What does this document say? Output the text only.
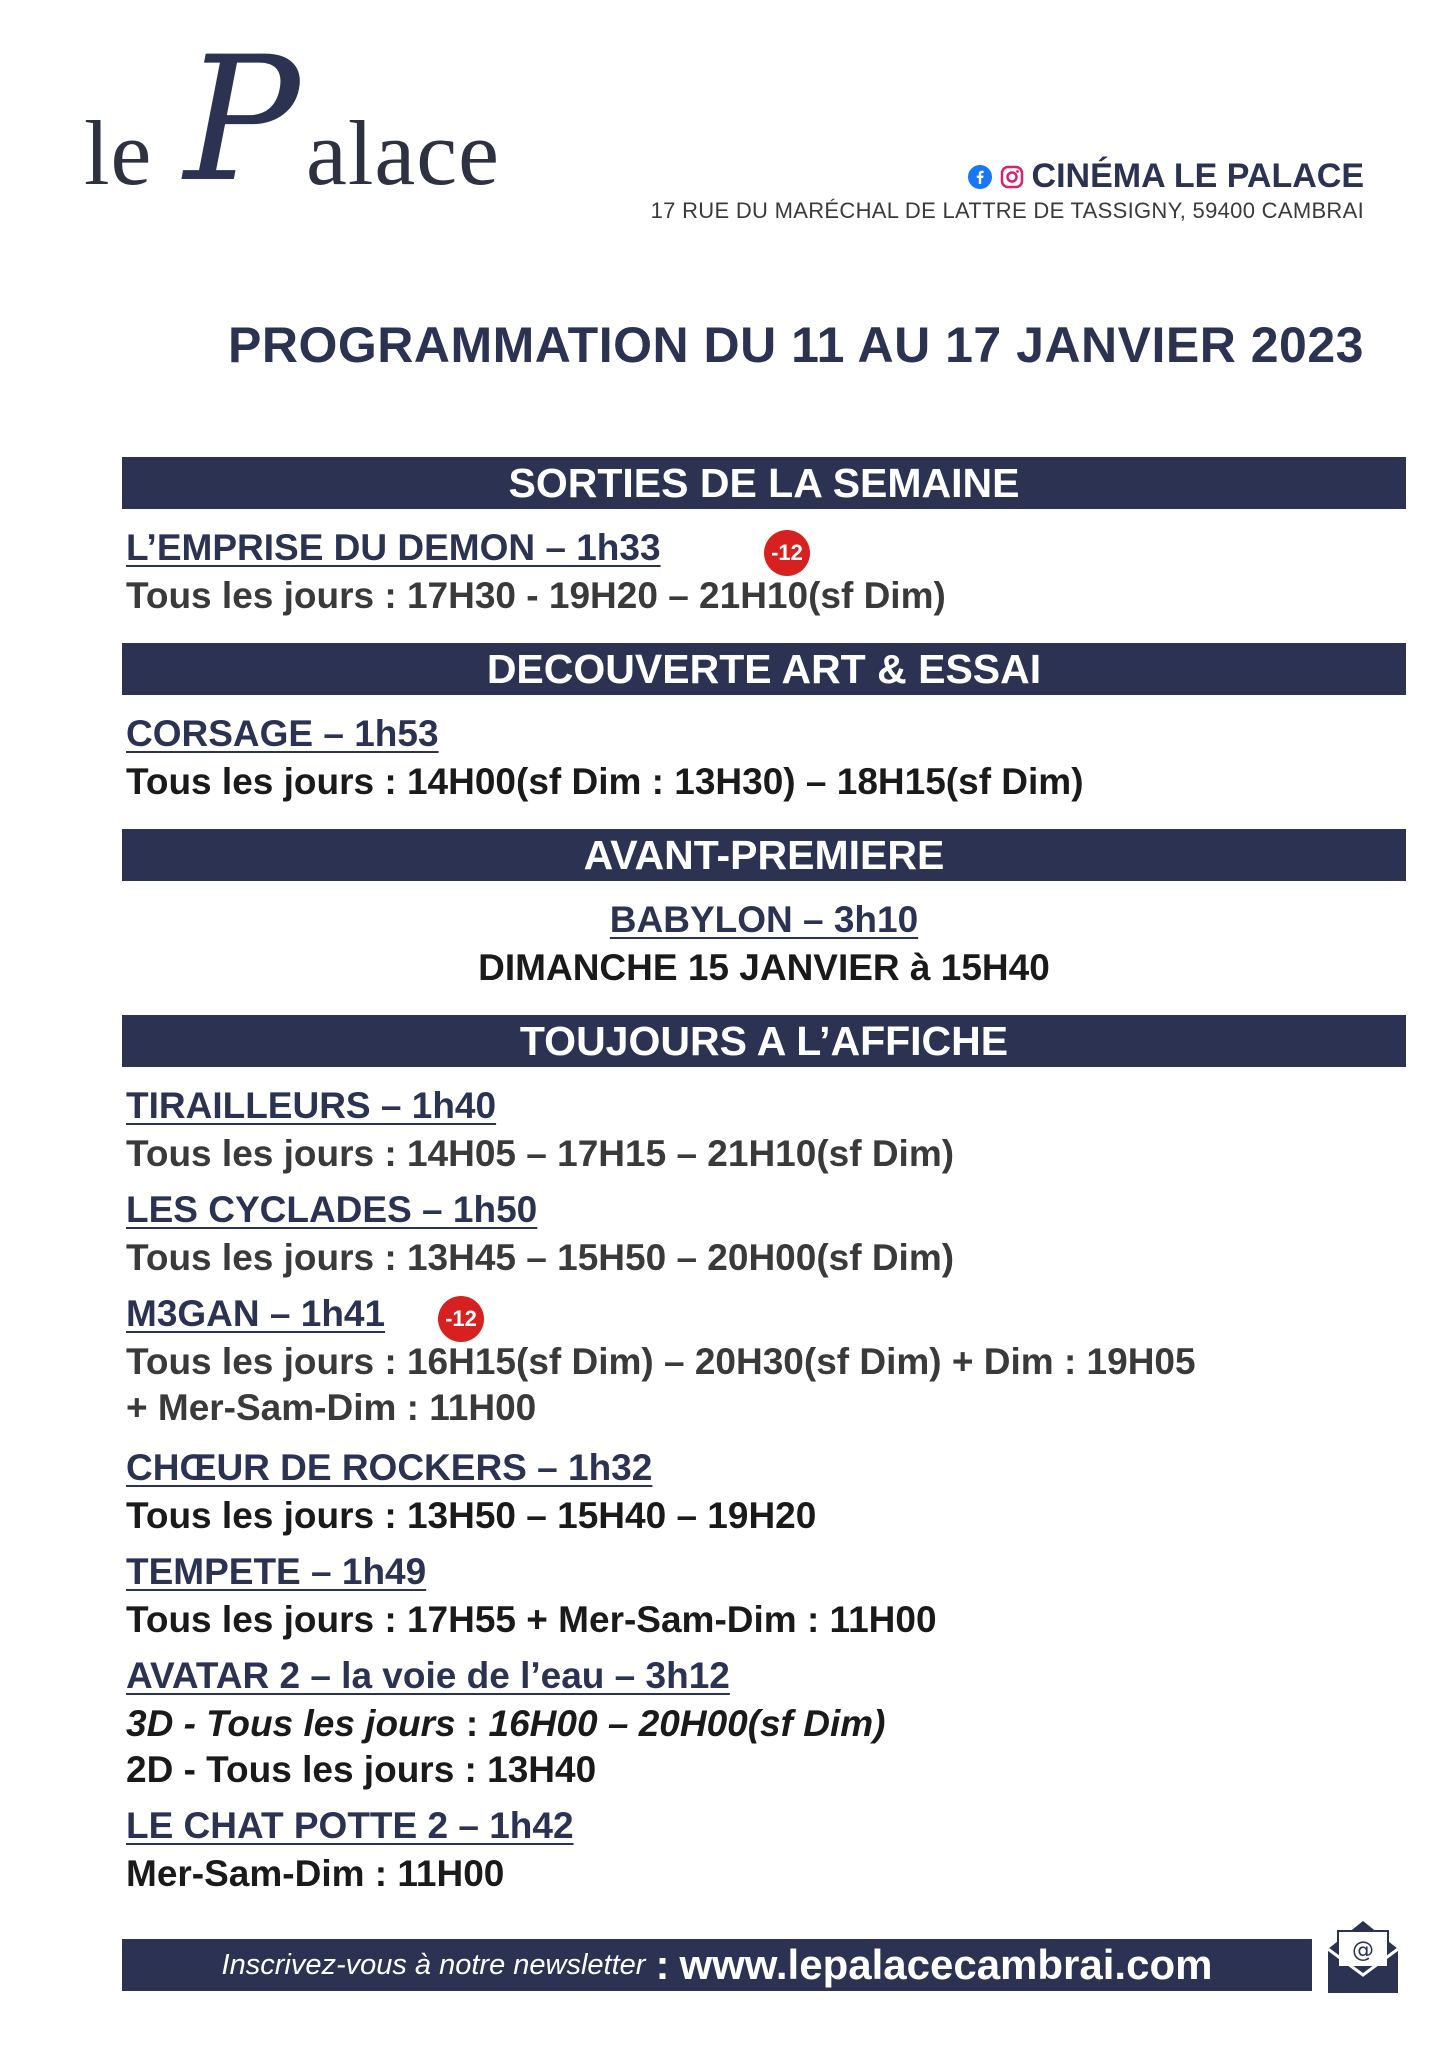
le P alace	CINÉMA LE PALACE
17 RUE DU MARÉCHAL DE LATTRE DE TASSIGNY, 59400 CAMBRAI
PROGRAMMATION DU 11 AU 17 JANVIER 2023
SORTIES DE LA SEMAINE
L’EMPRISE DU DEMON – 1h33	-12
Tous les jours : 17H30 - 19H20 – 21H10(sf Dim)
DECOUVERTE ART & ESSAI
CORSAGE – 1h53
Tous les jours : 14H00(sf Dim : 13H30) – 18H15(sf Dim)
AVANT-PREMIERE
BABYLON – 3h10
DIMANCHE 15 JANVIER à 15H40
TOUJOURS A L’AFFICHE
TIRAILLEURS – 1h40
Tous les jours : 14H05 – 17H15 – 21H10(sf Dim)
LES CYCLADES – 1h50
Tous les jours : 13H45 – 15H50 – 20H00(sf Dim)
M3GAN – 1h41	-12
Tous les jours : 16H15(sf Dim) – 20H30(sf Dim) + Dim : 19H05
+ Mer-Sam-Dim : 11H00
CHŒUR DE ROCKERS – 1h32
Tous les jours : 13H50 – 15H40 – 19H20
TEMPETE – 1h49
Tous les jours : 17H55 + Mer-Sam-Dim : 11H00
AVATAR 2 – la voie de l’eau – 3h12
3D - Tous les jours : 16H00 – 20H00(sf Dim)
2D - Tous les jours : 13H40
LE CHAT POTTE 2 – 1h42
Mer-Sam-Dim : 11H00
Inscrivez-vous à notre newsletter : www.lepalacecambrai.com	@
